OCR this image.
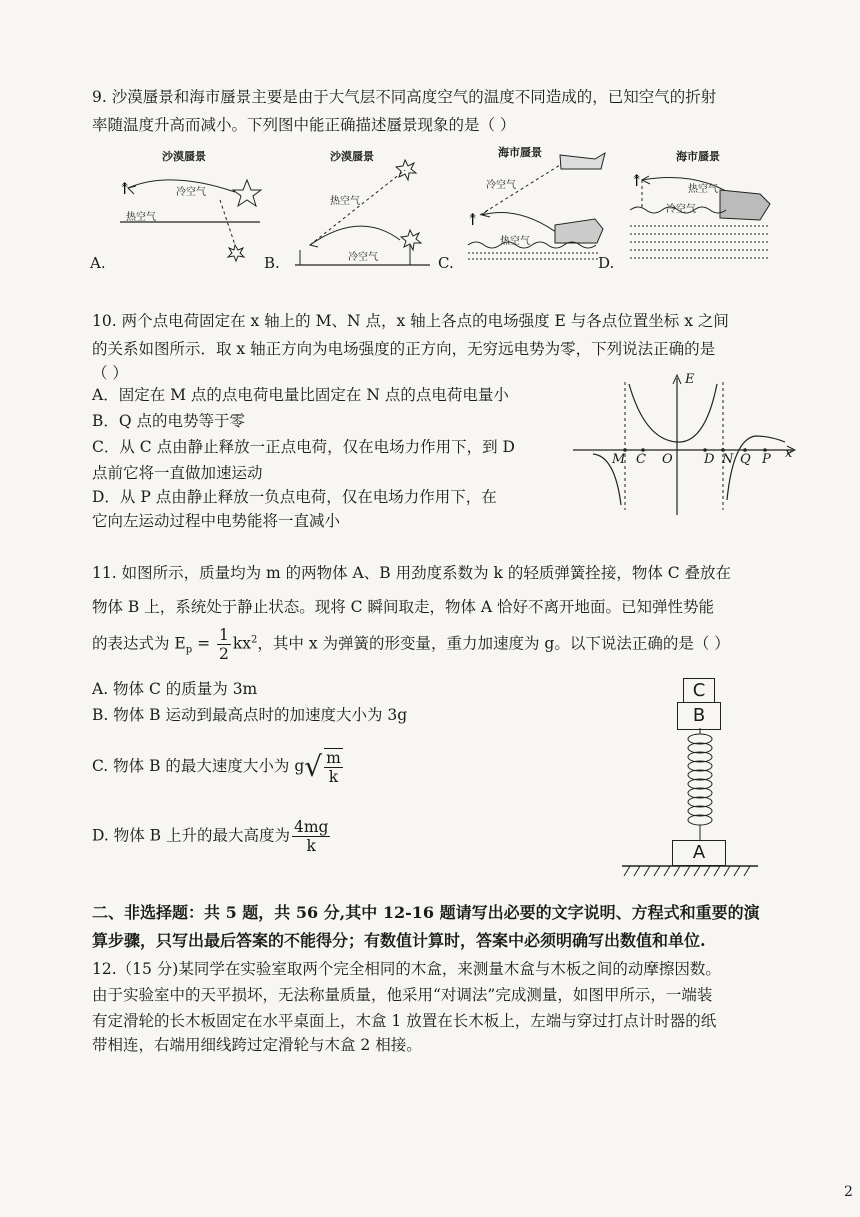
9. 沙漠蜃景和海市蜃景主要是由于大气层不同高度空气的温度不同造成的，已知空气的折射
率随温度升高而减小。下列图中能正确描述蜃景现象的是（ ）
沙漠蜃景
冷空气
热空气
↟
A.
沙漠蜃景
热空气
冷空气
B.
海市蜃景
冷空气
热空气
↟
C.
海市蜃景
热空气
冷空气
↟
D.
10. 两个点电荷固定在 x 轴上的 M、N 点，x 轴上各点的电场强度 E 与各点位置坐标 x 之间
的关系如图所示．取 x 轴正方向为电场强度的正方向，无穷远电势为零，下列说法正确的是
（ ）
A．固定在 M 点的点电荷电量比固定在 N 点的点电荷电量小
B．Q 点的电势等于零
C．从 C 点由静止释放一正点电荷，仅在电场力作用下，到 D
点前它将一直做加速运动
D．从 P 点由静止释放一负点电荷，仅在电场力作用下，在
它向左运动过程中电势能将一直减小
E
x
M C O D N Q P
11. 如图所示，质量均为 m 的两物体 A、B 用劲度系数为 k 的轻质弹簧拴接，物体 C 叠放在
物体 B 上，系统处于静止状态。现将 C 瞬间取走，物体 A 恰好不离开地面。已知弹性势能
的表达式为 $E_p = \frac{1}{2} kx^2$，其中 x 为弹簧的形变量，重力加速度为 g。以下说法正确的是（ ）
A. 物体 C 的质量为 3m
B. 物体 B 运动到最高点时的加速度大小为 3g
C. 物体 B 的最大速度大小为 $g√ \frac{m}{k}$
D. 物体 B 上升的最大高度为 $\frac{4mg}{k}$
C
B
A
二、非选择题：共 5 题，共 56 分,其中 12-16 题请写出必要的文字说明、方程式和重要的演
算步骤，只写出最后答案的不能得分；有数值计算时，答案中必须明确写出数值和单位.
12.（15 分)某同学在实验室取两个完全相同的木盒，来测量木盒与木板之间的动摩擦因数。
由于实验室中的天平损坏，无法称量质量，他采用“对调法”完成测量，如图甲所示，一端装
有定滑轮的长木板固定在水平桌面上，木盒 1 放置在长木板上，左端与穿过打点计时器的纸
带相连，右端用细线跨过定滑轮与木盒 2 相接。
2
